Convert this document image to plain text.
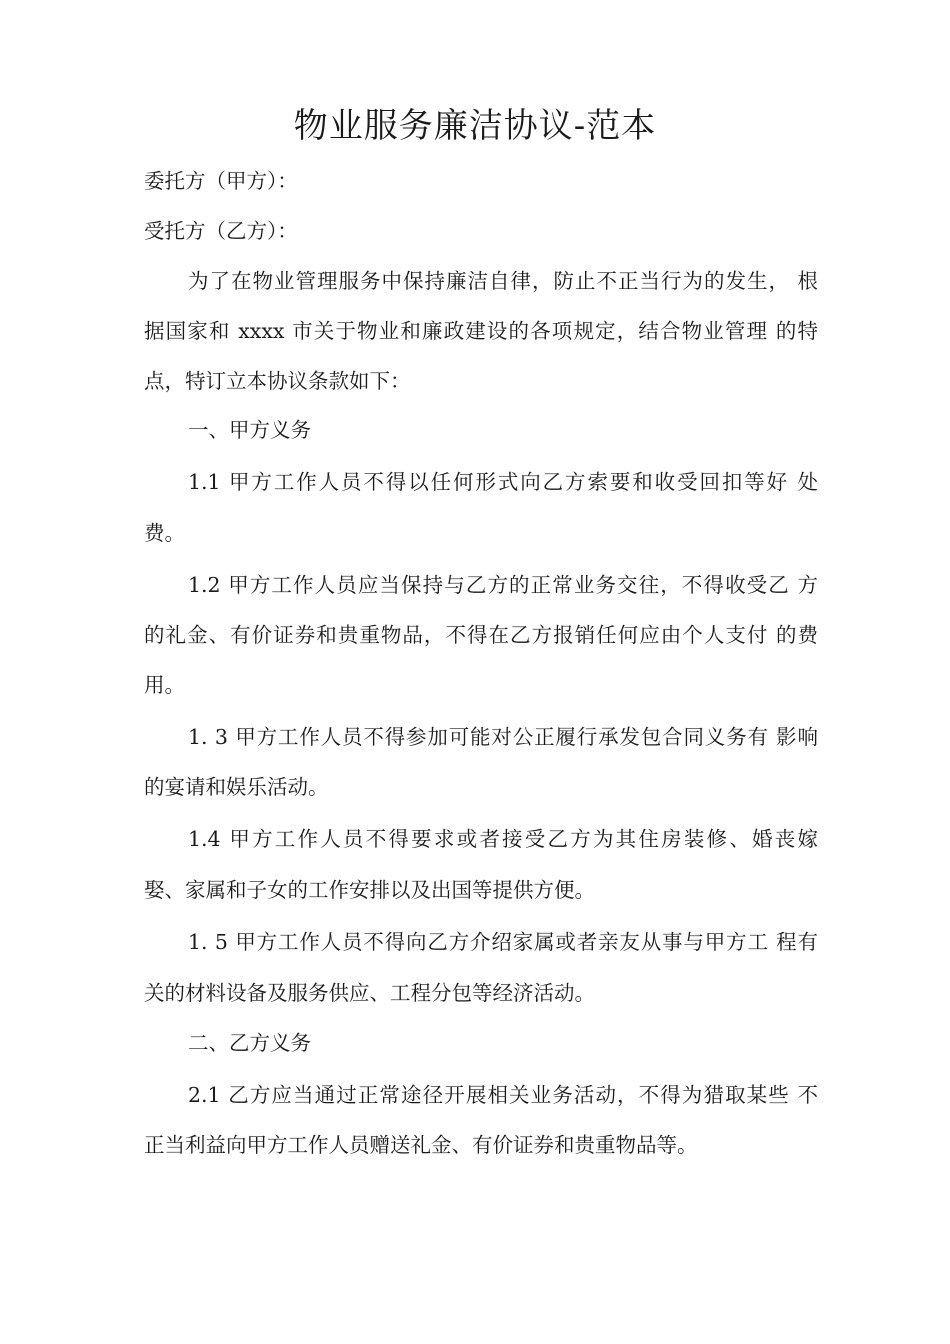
物业服务廉洁协议-范本
委托方（甲方）：
受托方（乙方）：
为了在物业管理服务中保持廉洁自律，防止不正当行为的发生， 根
据国家和 xxxx 市关于物业和廉政建设的各项规定，结合物业管理 的特
点，特订立本协议条款如下：
一、甲方义务
1.1 甲方工作人员不得以任何形式向乙方索要和收受回扣等好 处
费。
1.2 甲方工作人员应当保持与乙方的正常业务交往，不得收受乙 方
的礼金、有价证券和贵重物品，不得在乙方报销任何应由个人支付 的费
用。
1. 3 甲方工作人员不得参加可能对公正履行承发包合同义务有 影响
的宴请和娱乐活动。
1.4 甲方工作人员不得要求或者接受乙方为其住房装修、婚丧嫁
娶、家属和子女的工作安排以及出国等提供方便。
1. 5 甲方工作人员不得向乙方介绍家属或者亲友从事与甲方工 程有
关的材料设备及服务供应、工程分包等经济活动。
二、乙方义务
2.1 乙方应当通过正常途径开展相关业务活动，不得为猎取某些 不
正当利益向甲方工作人员赠送礼金、有价证券和贵重物品等。
